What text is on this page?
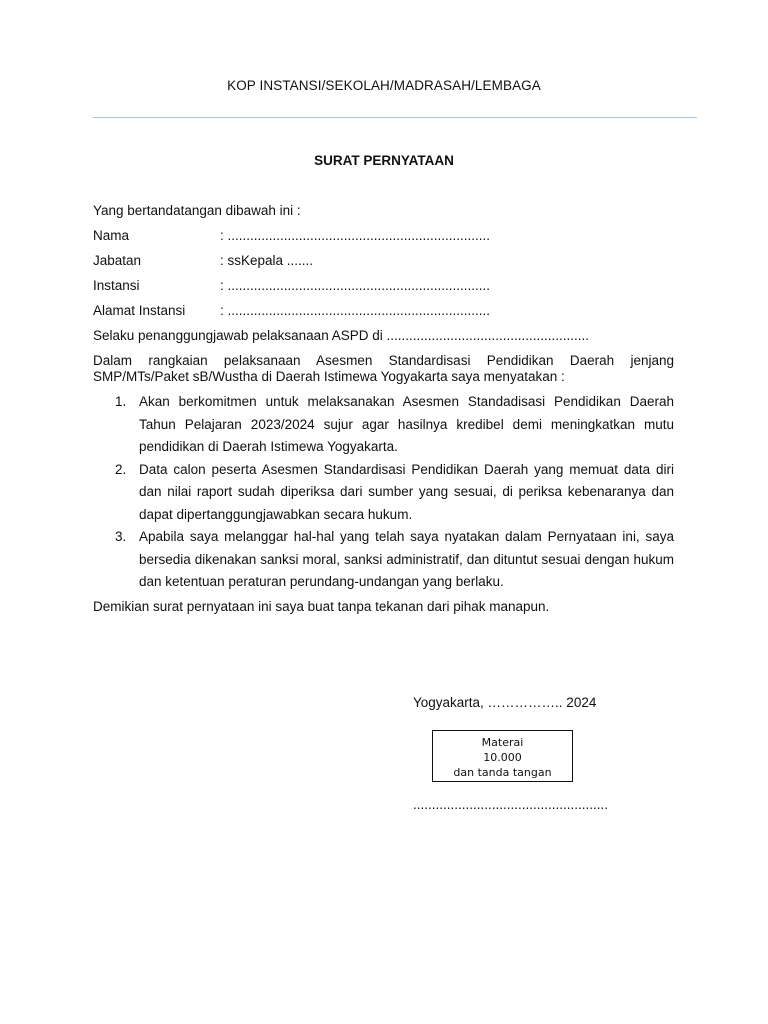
KOP INSTANSI/SEKOLAH/MADRASAH/LEMBAGA
SURAT PERNYATAAN
Yang bertandatangan dibawah ini :
Nama	: ......................................................................
Jabatan	: ssKepala .......
Instansi	: ......................................................................
Alamat Instansi	: ......................................................................
Selaku penanggungjawab pelaksanaan ASPD di ......................................................
Dalam rangkaian pelaksanaan Asesmen Standardisasi Pendidikan Daerah jenjang SMP/MTs/Paket sB/Wustha di Daerah Istimewa Yogyakarta saya menyatakan :
1. Akan berkomitmen untuk melaksanakan Asesmen Standadisasi Pendidikan Daerah Tahun Pelajaran 2023/2024 sujur agar hasilnya kredibel demi meningkatkan mutu pendidikan di Daerah Istimewa Yogyakarta.
2. Data calon peserta Asesmen Standardisasi Pendidikan Daerah yang memuat data diri dan nilai raport sudah diperiksa dari sumber yang sesuai, di periksa kebenaranya dan dapat dipertanggungjawabkan secara hukum.
3. Apabila saya melanggar hal-hal yang telah saya nyatakan dalam Pernyataan ini, saya bersedia dikenakan sanksi moral, sanksi administratif, dan dituntut sesuai dengan hukum dan ketentuan peraturan perundang-undangan yang berlaku.
Demikian surat pernyataan ini saya buat tanpa tekanan dari pihak manapun.
Yogyakarta, …………….. 2024
Materai
10.000
dan tanda tangan
....................................................
